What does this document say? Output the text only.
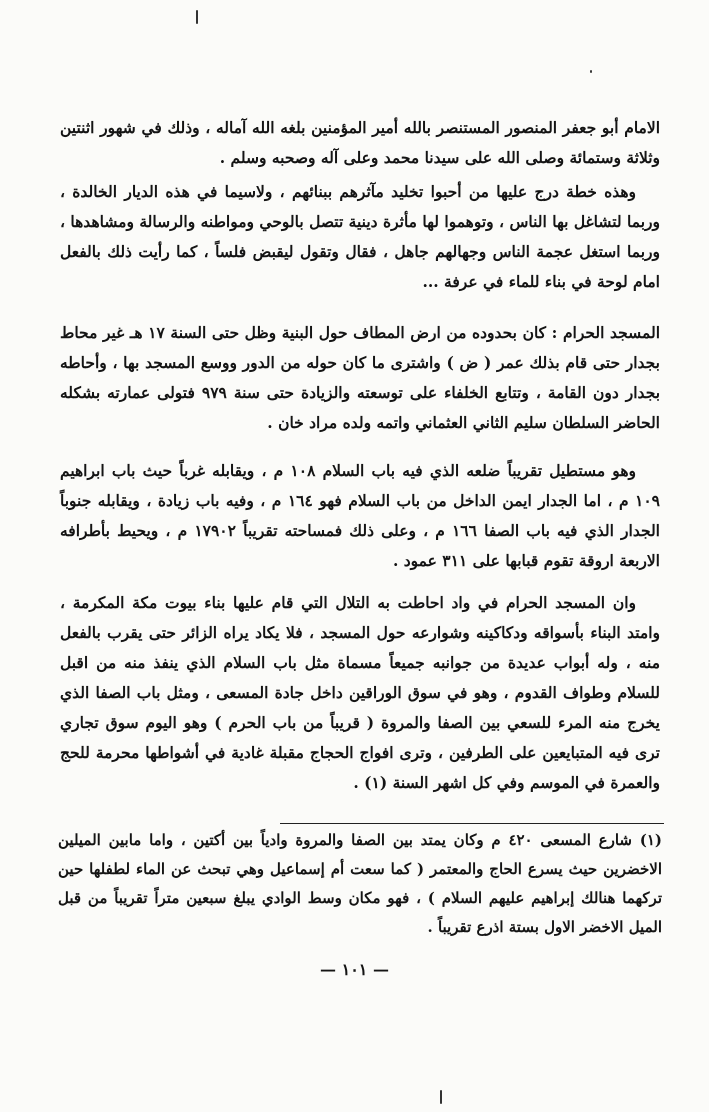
الامام أبو جعفر المنصور المستنصر بالله أمير المؤمنين بلغه الله آماله ، وذلك في شهور اثنتين وثلاثة وستمائة وصلى الله على سيدنا محمد وعلى آله وصحبه وسلم .
وهذه خطة درج عليها من أحبوا تخليد مآثرهم ببنائهم ، ولاسيما في هذه الديار الخالدة ، وربما لتشاغل بها الناس ، وتوهموا لها مأثرة دينية تتصل بالوحي ومواطنه والرسالة ومشاهدها ، وربما استغل عجمة الناس وجهالهم جاهل ، فقال وتقول ليقبض فلساً ، كما رأيت ذلك بالفعل امام لوحة في بناء للماء في عرفة ...
المسجد الحرام : كان بحدوده من ارض المطاف حول البنية وظل حتى السنة ١٧ هـ غير محاط بجدار حتى قام بذلك عمر ( ض ) واشترى ما كان حوله من الدور ووسع المسجد بها ، وأحاطه بجدار دون القامة ، وتتابع الخلفاء على توسعته والزيادة حتى سنة ٩٧٩ فتولى عمارته بشكله الحاضر السلطان سليم الثاني العثماني واتمه ولده مراد خان .
وهو مستطيل تقريباً ضلعه الذي فيه باب السلام ١٠٨ م ، ويقابله غرباً حيث باب ابراهيم ١٠٩ م ، اما الجدار ايمن الداخل من باب السلام فهو ١٦٤ م ، وفيه باب زيادة ، ويقابله جنوباً الجدار الذي فيه باب الصفا ١٦٦ م ، وعلى ذلك فمساحته تقريباً ١٧٩٠٢ م ، ويحيط بأطرافه الاربعة اروقة تقوم قبابها على ٣١١ عمود .
وان المسجد الحرام في واد احاطت به التلال التي قام عليها بناء بيوت مكة المكرمة ، وامتد البناء بأسواقه ودكاكينه وشوارعه حول المسجد ، فلا يكاد يراه الزائر حتى يقرب بالفعل منه ، وله أبواب عديدة من جوانبه جميعاً مسماة مثل باب السلام الذي ينفذ منه من اقبل للسلام وطواف القدوم ، وهو في سوق الوراقين داخل جادة المسعى ، ومثل باب الصفا الذي يخرج منه المرء للسعي بين الصفا والمروة ( قريباً من باب الحرم ) وهو اليوم سوق تجاري ترى فيه المتبايعين على الطرفين ، وترى افواج الحجاج مقبلة غادية في أشواطها محرمة للحج والعمرة في الموسم وفي كل اشهر السنة (١) .
(١) شارع المسعى ٤٢٠ م وكان يمتد بين الصفا والمروة وادياً بين أكتين ، واما مابين الميلين الاخضرين حيث يسرع الحاج والمعتمر ( كما سعت أم إسماعيل وهي تبحث عن الماء لطفلها حين تركهما هنالك إبراهيم عليهم السلام ) ، فهو مكان وسط الوادي يبلغ سبعين متراً تقريباً من قبل الميل الاخضر الاول بستة اذرع تقريباً .
— ١٠١ —
